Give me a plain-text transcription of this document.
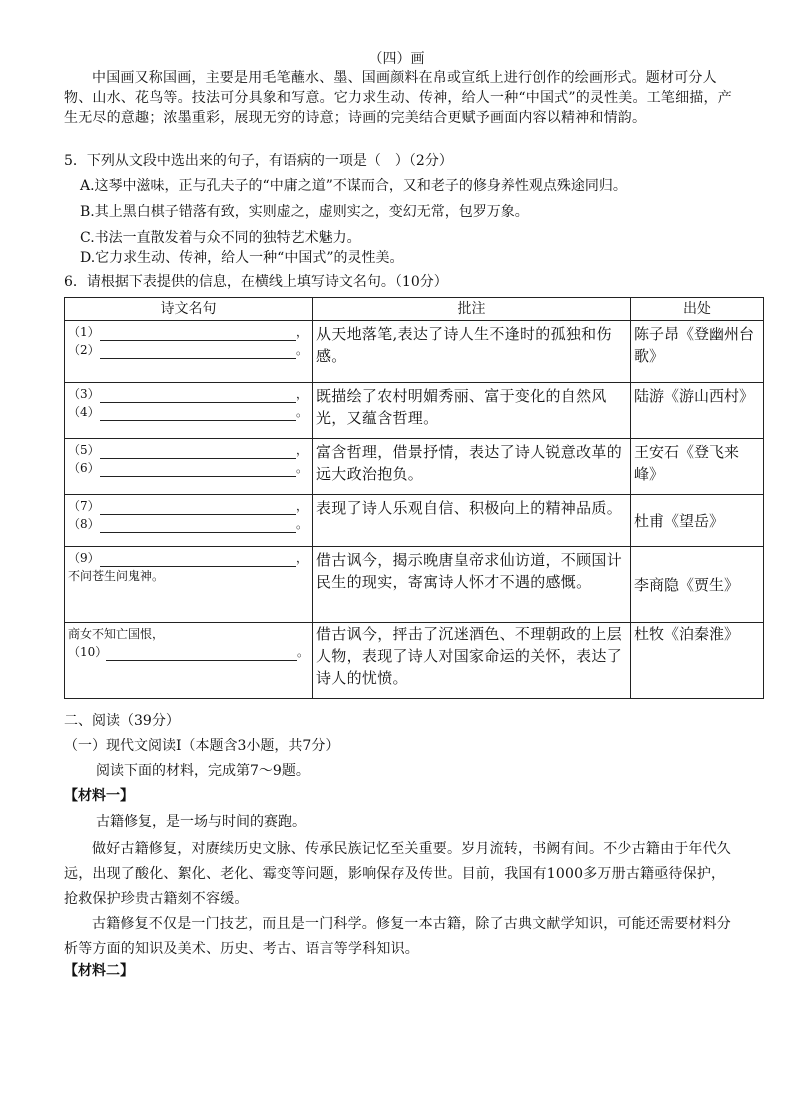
（四）画
中国画又称国画，主要是用毛笔蘸水、墨、国画颜料在帛或宣纸上进行创作的绘画形式。题材可分人物、山水、花鸟等。技法可分具象和写意。它力求生动、传神，给人一种“中国式”的灵性美。工笔细描，产生无尽的意趣；浓墨重彩，展现无穷的诗意；诗画的完美结合更赋予画面内容以精神和情韵。
5．下列从文段中选出来的句子，有语病的一项是（　）（2分）
A.这琴中滋味，正与孔夫子的“中庸之道”不谋而合，又和老子的修身养性观点殊途同归。
B.其上黑白棋子错落有致，实则虚之，虚则实之，变幻无常，包罗万象。
C.书法一直散发着与众不同的独特艺术魅力。
D.它力求生动、传神，给人一种“中国式”的灵性美。
6．请根据下表提供的信息，在横线上填写诗文名句。（10分）
诗文名句	批注	出处

（1） ，
（2） 。	从天地落笔,表达了诗人生不逢时的孤独和伤感。	陈子昂《登幽州台歌》

（3） ，
（4） 。	既描绘了农村明媚秀丽、富于变化的自然风光，又蕴含哲理。	陆游《游山西村》

（5） ，
（6） 。	富含哲理，借景抒情，表达了诗人锐意改革的远大政治抱负。	王安石《登飞来峰》

（7） ，
（8） 。	表现了诗人乐观自信、积极向上的精神品质。	杜甫《望岳》

（9） ，
不问苍生问鬼神。	借古讽今，揭示晚唐皇帝求仙访道，不顾国计民生的现实，寄寓诗人怀才不遇的感慨。	李商隐《贾生》

商女不知亡国恨，
（10） 。	借古讽今，抨击了沉迷酒色、不理朝政的上层人物，表现了诗人对国家命运的关怀，表达了诗人的忧愤。	杜牧《泊秦淮》
二、阅读（39分）
（一）现代文阅读Ⅰ（本题含3小题，共7分）
阅读下面的材料，完成第7～9题。
【材料一】
古籍修复，是一场与时间的赛跑。
做好古籍修复，对赓续历史文脉、传承民族记忆至关重要。岁月流转，书阙有间。不少古籍由于年代久远，出现了酸化、絮化、老化、霉变等问题，影响保存及传世。目前，我国有1000多万册古籍亟待保护，抢救保护珍贵古籍刻不容缓。
古籍修复不仅是一门技艺，而且是一门科学。修复一本古籍，除了古典文献学知识，可能还需要材料分析等方面的知识及美术、历史、考古、语言等学科知识。
【材料二】
